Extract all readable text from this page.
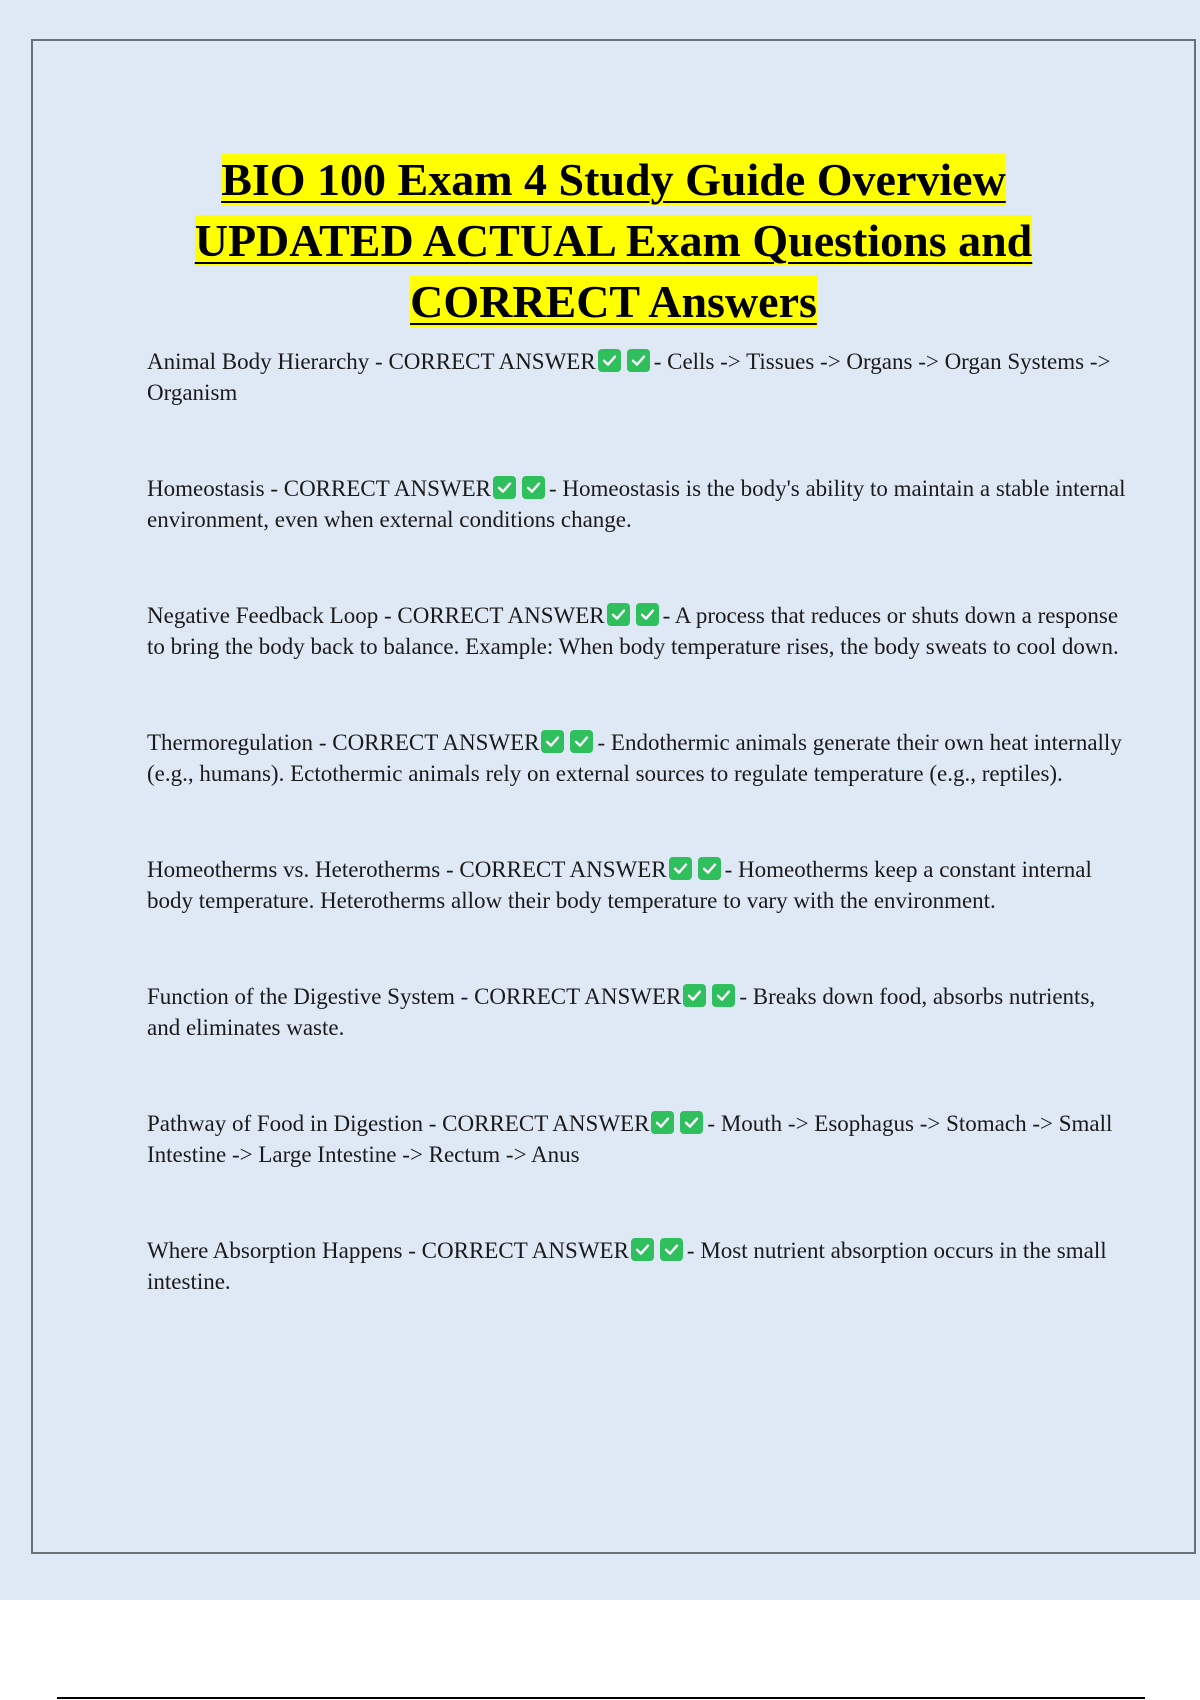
BIO 100 Exam 4 Study Guide Overview
UPDATED ACTUAL Exam Questions and
CORRECT Answers

Animal Body Hierarchy - CORRECT ANSWER	- Cells -> Tissues -> Organs -> Organ Systems -> Organism

Homeostasis - CORRECT ANSWER	- Homeostasis is the body's ability to maintain a stable internal environment, even when external conditions change.

Negative Feedback Loop - CORRECT ANSWER	- A process that reduces or shuts down a response to bring the body back to balance. Example: When body temperature rises, the body sweats to cool down.

Thermoregulation - CORRECT ANSWER	- Endothermic animals generate their own heat internally (e.g., humans). Ectothermic animals rely on external sources to regulate temperature (e.g., reptiles).

Homeotherms vs. Heterotherms - CORRECT ANSWER	- Homeotherms keep a constant internal body temperature. Heterotherms allow their body temperature to vary with the environment.

Function of the Digestive System - CORRECT ANSWER	- Breaks down food, absorbs nutrients, and eliminates waste.

Pathway of Food in Digestion - CORRECT ANSWER	- Mouth -> Esophagus -> Stomach -> Small Intestine -> Large Intestine -> Rectum -> Anus

Where Absorption Happens - CORRECT ANSWER	- Most nutrient absorption occurs in the small intestine.
